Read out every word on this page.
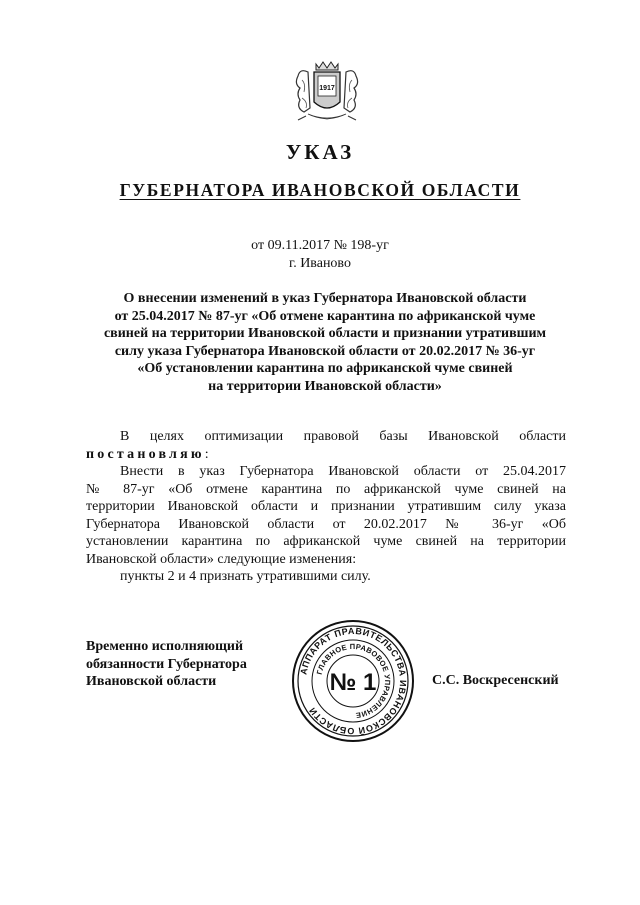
1917
УКАЗ
ГУБЕРНАТОРА ИВАНОВСКОЙ ОБЛАСТИ
от 09.11.2017 № 198-уг
г. Иваново
О внесении изменений в указ Губернатора Ивановской области
от 25.04.2017 № 87-уг «Об отмене карантина по африканской чуме
свиней на территории Ивановской области и признании утратившим
силу указа Губернатора Ивановской области от 20.02.2017 № 36-уг
«Об установлении карантина по африканской чуме свиней
на территории Ивановской области»
В целях оптимизации правовой базы Ивановской области
постановляю:
Внести в указ Губернатора Ивановской области от 25.04.2017
№ 87-уг «Об отмене карантина по африканской чуме свиней на
территории Ивановской области и признании утратившим силу указа
Губернатора Ивановской области от 20.02.2017 № 36-уг «Об
установлении карантина по африканской чуме свиней на территории
Ивановской области» следующие изменения:
пункты 2 и 4 признать утратившими силу.
Временно исполняющий
обязанности Губернатора
Ивановской области
АППАРАТ ПРАВИТЕЛЬСТВА ИВАНОВСКОЙ ОБЛАСТИ
ГЛАВНОЕ ПРАВОВОЕ УПРАВЛЕНИЕ
№ 1	С.С. Воскресенский
